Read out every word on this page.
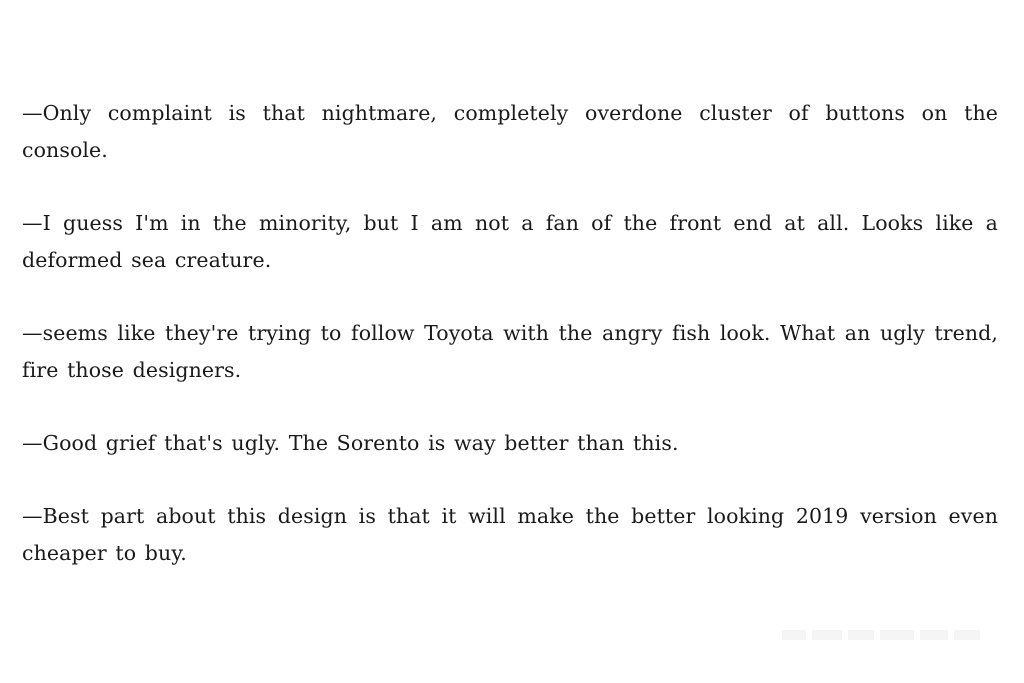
—Only complaint is that nightmare, completely overdone cluster of buttons on the console.
—I guess I'm in the minority, but I am not a fan of the front end at all. Looks like a deformed sea creature.
—seems like they're trying to follow Toyota with the angry fish look. What an ugly trend, fire those designers.
—Good grief that's ugly. The Sorento is way better than this.
—Best part about this design is that it will make the better looking 2019 version even cheaper to buy.
